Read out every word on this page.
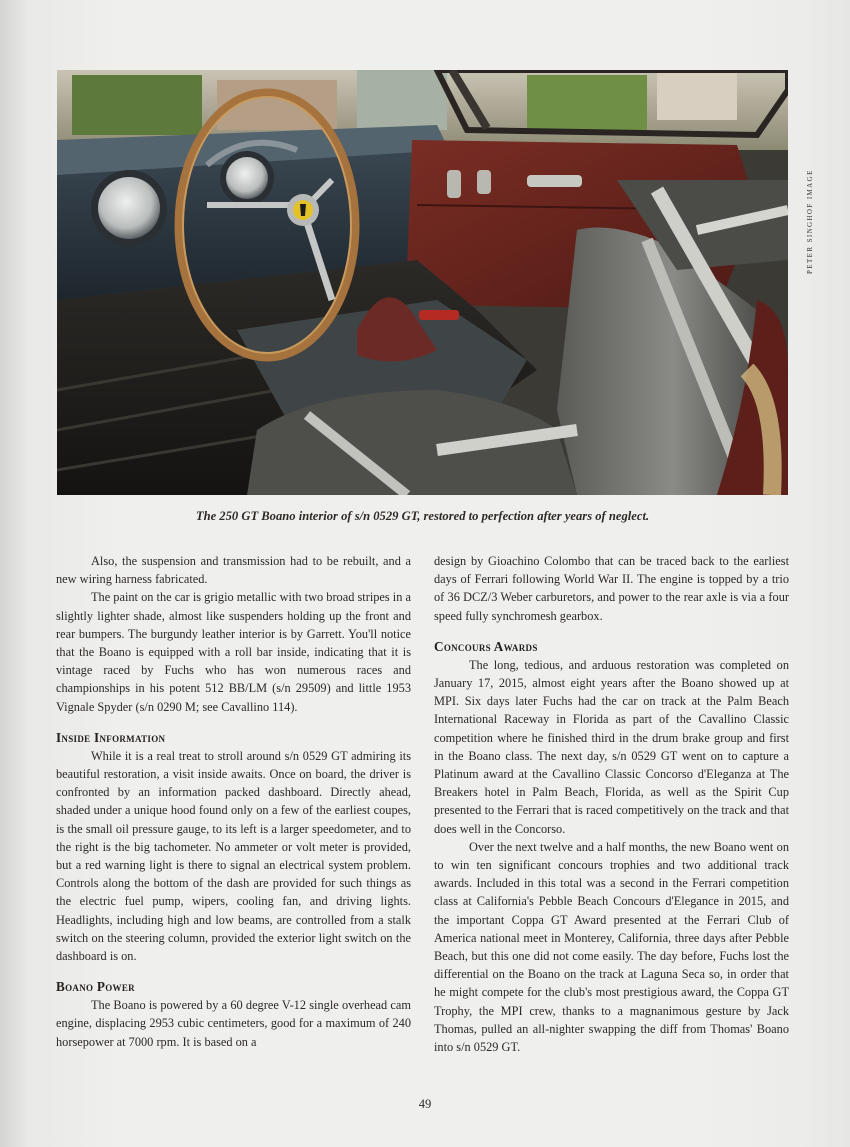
PETER SINGHOF IMAGE
The 250 GT Boano interior of s/n 0529 GT, restored to perfection after years of neglect.

Also, the suspension and transmission had to be rebuilt, and a new wiring harness fabricated.

The paint on the car is grigio metallic with two broad stripes in a slightly lighter shade, almost like suspenders holding up the front and rear bumpers. The burgundy leather interior is by Garrett. You'll notice that the Boano is equipped with a roll bar inside, indicating that it is vintage raced by Fuchs who has won numerous races and championships in his potent 512 BB/LM (s/n 29509) and little 1953 Vignale Spyder (s/n 0290 M; see Cavallino 114).

Inside Information

While it is a real treat to stroll around s/n 0529 GT admiring its beautiful restoration, a visit inside awaits. Once on board, the driver is confronted by an information packed dashboard. Directly ahead, shaded under a unique hood found only on a few of the earliest coupes, is the small oil pressure gauge, to its left is a larger speedometer, and to the right is the big tachometer. No ammeter or volt meter is provided, but a red warning light is there to signal an electrical system problem. Controls along the bottom of the dash are provided for such things as the electric fuel pump, wipers, cooling fan, and driving lights. Headlights, including high and low beams, are controlled from a stalk switch on the steering column, provided the exterior light switch on the dashboard is on.

Boano Power

The Boano is powered by a 60 degree V-12 single overhead cam engine, displacing 2953 cubic centimeters, good for a maximum of 240 horsepower at 7000 rpm. It is based on a

design by Gioachino Colombo that can be traced back to the earliest days of Ferrari following World War II. The engine is topped by a trio of 36 DCZ/3 Weber carburetors, and power to the rear axle is via a four speed fully synchromesh gearbox.

Concours Awards

The long, tedious, and arduous restoration was completed on January 17, 2015, almost eight years after the Boano showed up at MPI. Six days later Fuchs had the car on track at the Palm Beach International Raceway in Florida as part of the Cavallino Classic competition where he finished third in the drum brake group and first in the Boano class. The next day, s/n 0529 GT went on to capture a Platinum award at the Cavallino Classic Concorso d'Eleganza at The Breakers hotel in Palm Beach, Florida, as well as the Spirit Cup presented to the Ferrari that is raced competitively on the track and that does well in the Concorso.

Over the next twelve and a half months, the new Boano went on to win ten significant concours trophies and two additional track awards. Included in this total was a second in the Ferrari competition class at California's Pebble Beach Concours d'Elegance in 2015, and the important Coppa GT Award presented at the Ferrari Club of America national meet in Monterey, California, three days after Pebble Beach, but this one did not come easily. The day before, Fuchs lost the differential on the Boano on the track at Laguna Seca so, in order that he might compete for the club's most prestigious award, the Coppa GT Trophy, the MPI crew, thanks to a magnanimous gesture by Jack Thomas, pulled an all-nighter swapping the diff from Thomas' Boano into s/n 0529 GT.

49
